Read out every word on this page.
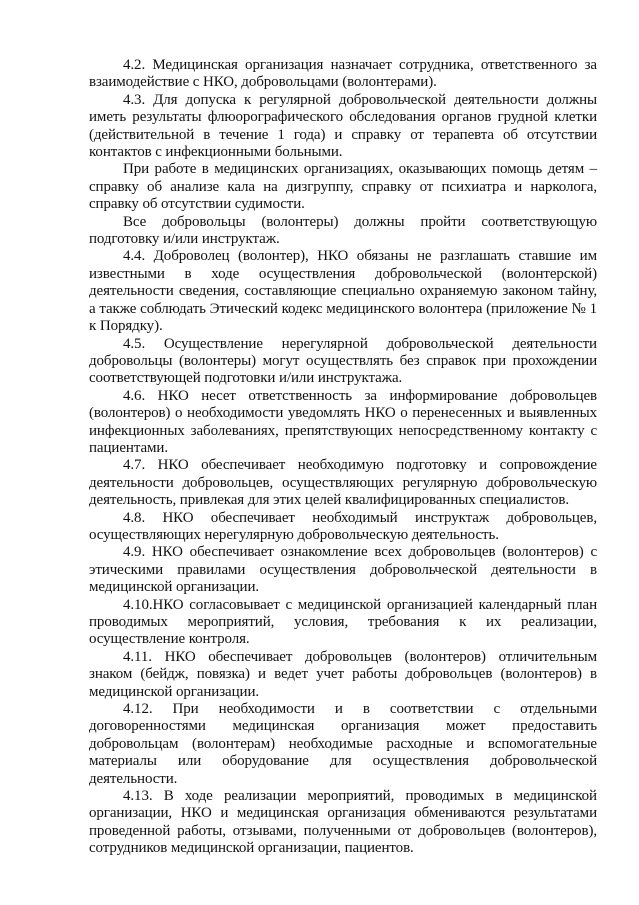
4.2. Медицинская организация назначает сотрудника, ответственного за взаимодействие с НКО, добровольцами (волонтерами).

4.3. Для допуска к регулярной добровольческой деятельности должны иметь результаты флюорографического обследования органов грудной клетки (действительной в течение 1 года) и справку от терапевта об отсутствии контактов с инфекционными больными.

При работе в медицинских организациях, оказывающих помощь детям – справку об анализе кала на дизгруппу, справку от психиатра и нарколога, справку об отсутствии судимости.

Все добровольцы (волонтеры) должны пройти соответствующую подготовку и/или инструктаж.

4.4. Доброволец (волонтер), НКО обязаны не разглашать ставшие им известными в ходе осуществления добровольческой (волонтерской) деятельности сведения, составляющие специально охраняемую законом тайну, а также соблюдать Этический кодекс медицинского волонтера (приложение № 1 к Порядку).

4.5. Осуществление нерегулярной добровольческой деятельности добровольцы (волонтеры) могут осуществлять без справок при прохождении соответствующей подготовки и/или инструктажа.

4.6. НКО несет ответственность за информирование добровольцев (волонтеров) о необходимости уведомлять НКО о перенесенных и выявленных инфекционных заболеваниях, препятствующих непосредственному контакту с пациентами.

4.7. НКО обеспечивает необходимую подготовку и сопровождение деятельности добровольцев, осуществляющих регулярную добровольческую деятельность, привлекая для этих целей квалифицированных специалистов.

4.8. НКО обеспечивает необходимый инструктаж добровольцев, осуществляющих нерегулярную добровольческую деятельность.

4.9. НКО обеспечивает ознакомление всех добровольцев (волонтеров) с этическими правилами осуществления добровольческой деятельности в медицинской организации.

4.10.НКО согласовывает с медицинской организацией календарный план проводимых мероприятий, условия, требования к их реализации, осуществление контроля.

4.11. НКО обеспечивает добровольцев (волонтеров) отличительным знаком (бейдж, повязка) и ведет учет работы добровольцев (волонтеров) в медицинской организации.

4.12. При необходимости и в соответствии с отдельными договоренностями медицинская организация может предоставить добровольцам (волонтерам) необходимые расходные и вспомогательные материалы или оборудование для осуществления добровольческой деятельности.

4.13. В ходе реализации мероприятий, проводимых в медицинской организации, НКО и медицинская организация обмениваются результатами проведенной работы, отзывами, полученными от добровольцев (волонтеров), сотрудников медицинской организации, пациентов.
